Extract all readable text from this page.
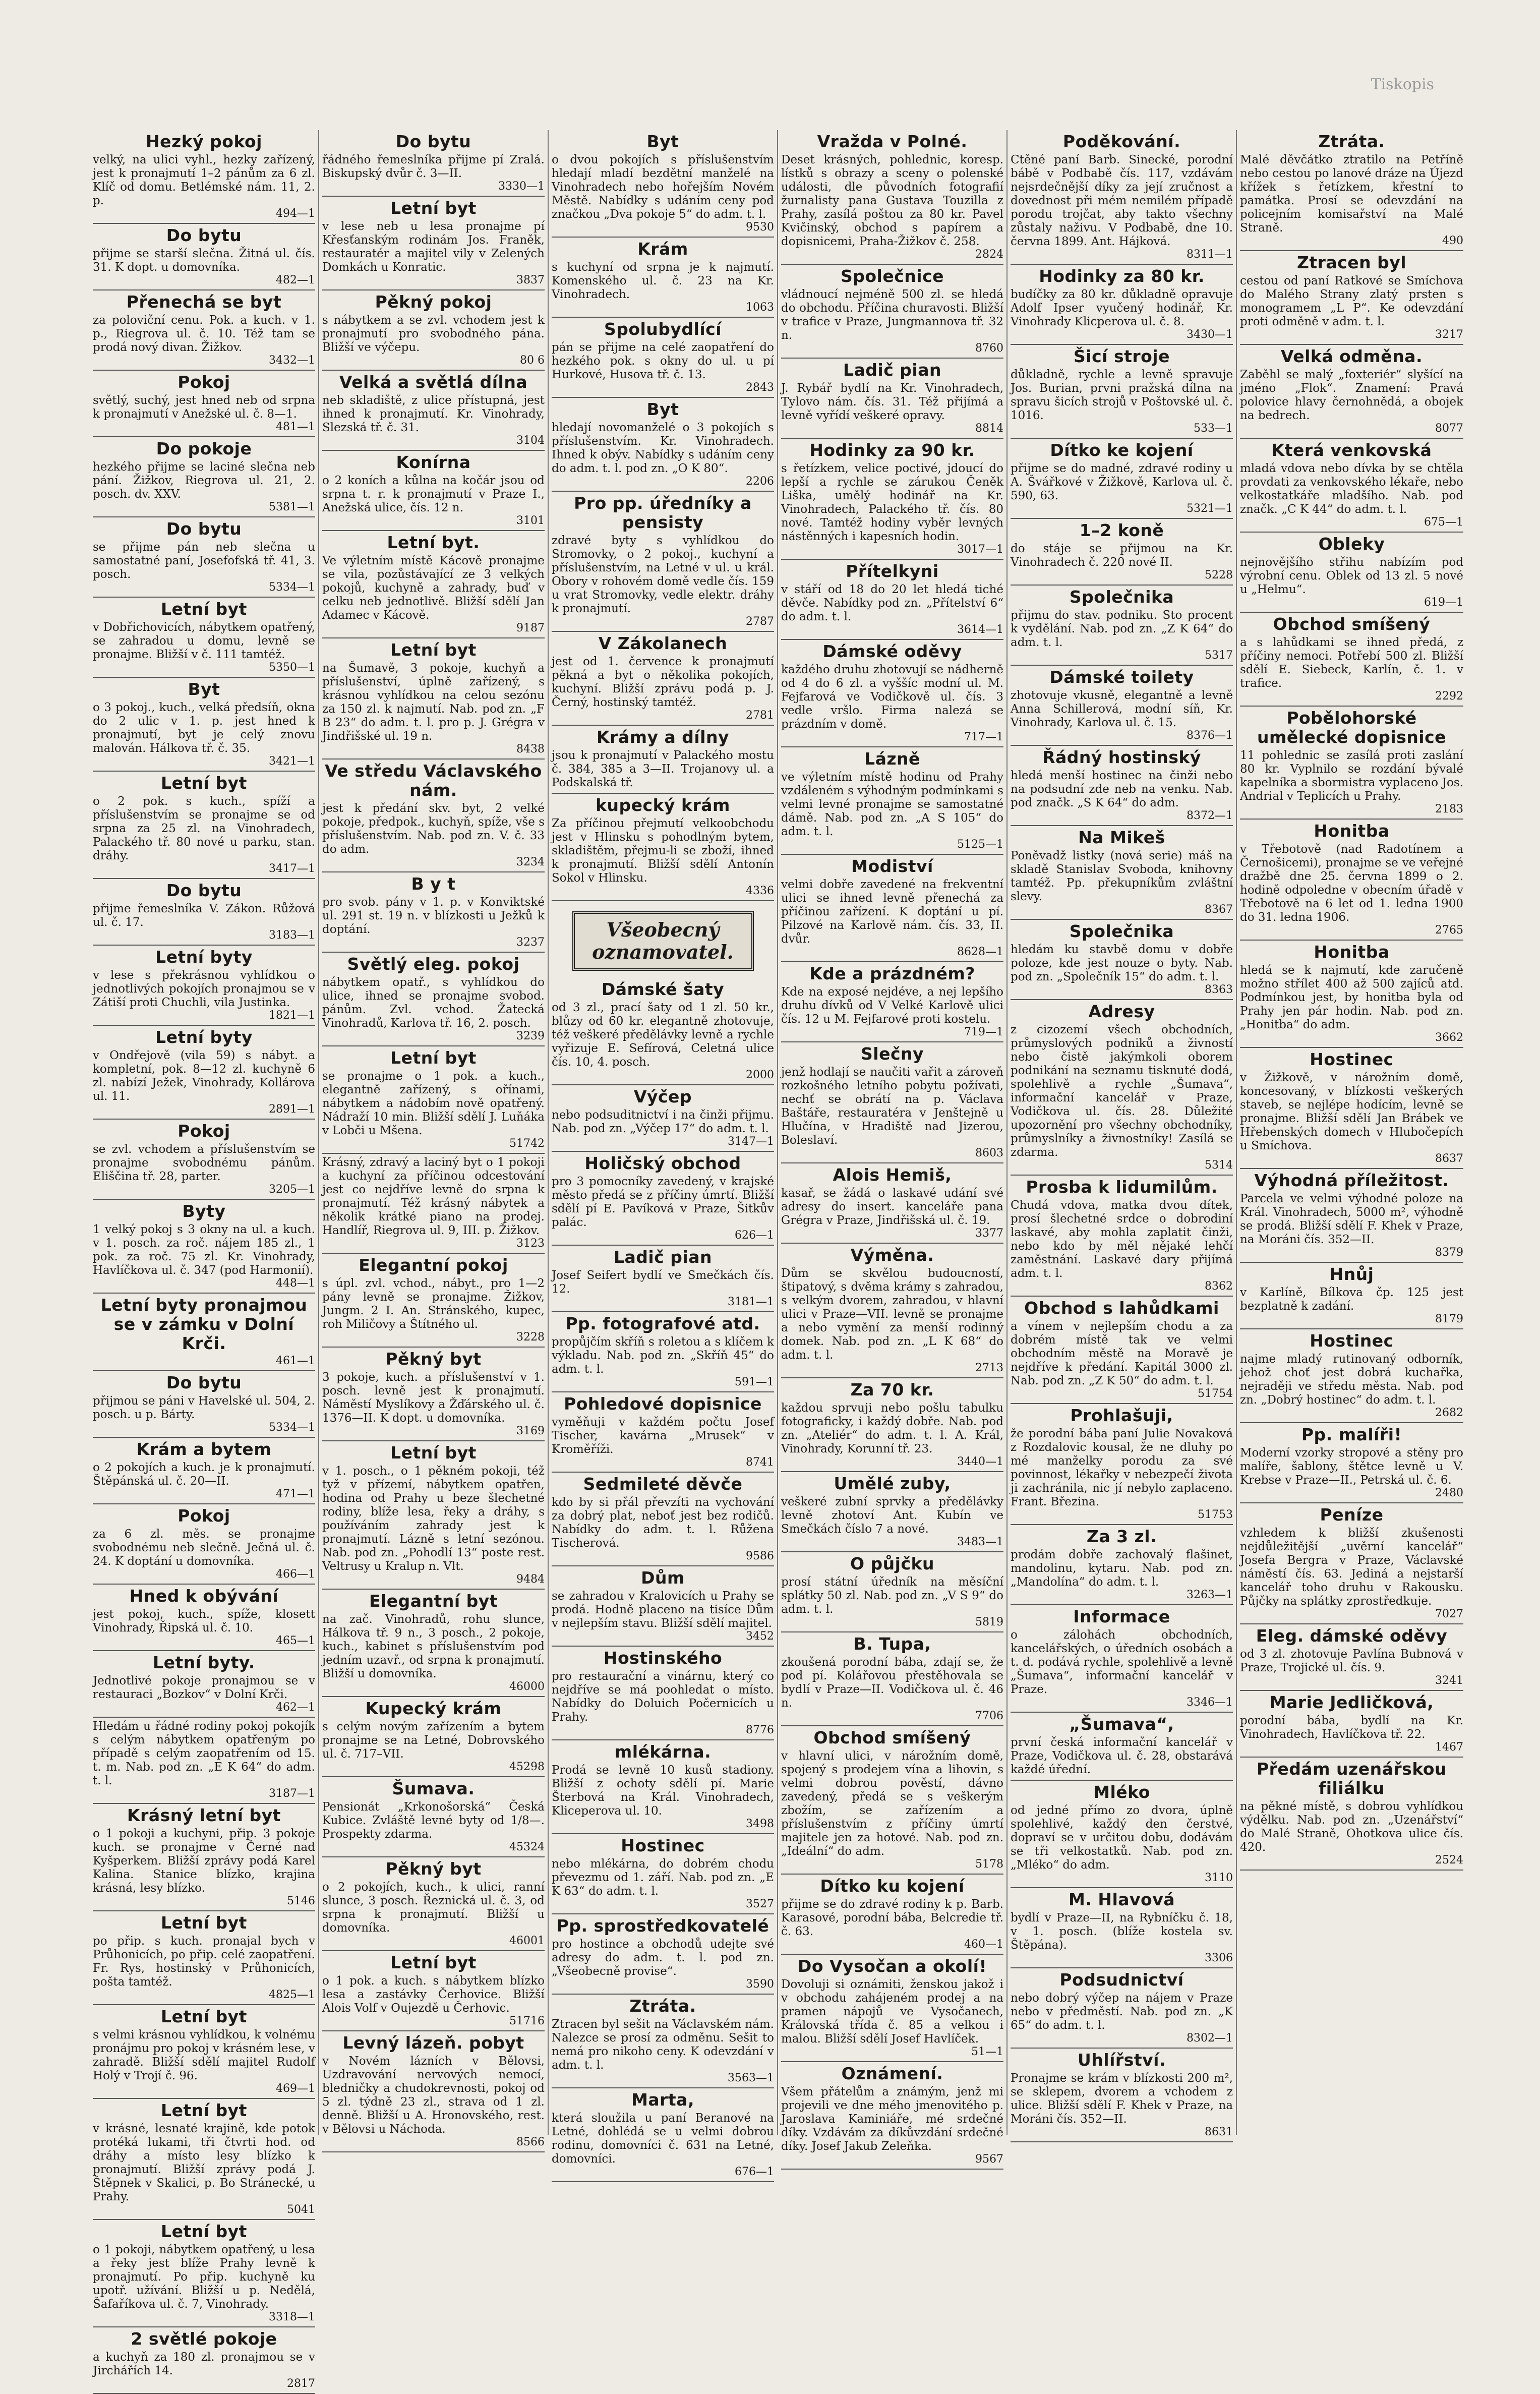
Tiskopis
Hezký pokoj

velký, na ulici vyhl., hezky zařízený, jest k pronajmutí 1–2 pánům za 6 zl. Klíč od domu. Betlémské nám. 11, 2. p.

494—1
Do bytu

přijme se starší slečna. Žitná ul. čís. 31. K dopt. u domovníka.

482—1
Přenechá se byt

za poloviční cenu. Pok. a kuch. v 1. p., Riegrova ul. č. 10. Též tam se prodá nový divan. Žižkov.

3432—1
Pokoj

světlý, suchý, jest hned neb od srpna k pronajmutí v Anežské ul. č. 8—1.

481—1
Do pokoje

hezkého přijme se laciné slečna neb pání. Žižkov, Riegrova ul. 21, 2. posch. dv. XXV.

5381—1
Do bytu

se přijme pán neb slečna u samostatné paní, Josefofská tř. 41, 3. posch.

5334—1
Letní byt

v Dobřichovicích, nábytkem opatřený, se zahradou u domu, levně se pronajme. Bližší v č. 111 tamtéž.

5350—1
Byt

o 3 pokoj., kuch., velká předsíň, okna do 2 ulic v 1. p. jest hned k pronajmutí, byt je celý znovu malován. Hálkova tř. č. 35.

3421—1
Letní byt

o 2 pok. s kuch., spíží a příslušenstvím se pronajme se od srpna za 25 zl. na Vinohradech, Palackého tř. 80 nové u parku, stan. dráhy.

3417—1
Do bytu

přijme řemeslníka V. Zákon. Růžová ul. č. 17.

3183—1
Letní byty

v lese s překrásnou vyhlídkou o jednotlivých pokojích pronajmou se v Zátiší proti Chuchli, vila Justinka.

1821—1
Letní byty

v Ondřejově (vila 59) s nábyt. a kompletní, pok. 8—12 zl. kuchyně 6 zl. nabízí Ježek, Vinohrady, Kollárova ul. 11.

2891—1
Pokoj

se zvl. vchodem a příslušenstvím se pronajme svobodnému pánům. Eliščina tř. 28, parter.

3205—1
Byty

1 velký pokoj s 3 okny na ul. a kuch. v 1. posch. za roč. nájem 185 zl., 1 pok. za roč. 75 zl. Kr. Vinohrady, Havlíčkova ul. č. 347 (pod Harmonií).

448—1
Letní byty pronajmou se v zámku v Dolní Krči.
461—1
Do bytu

přijmou se páni v Havelské ul. 504, 2. posch. u p. Bárty.

5334—1
Krám a bytem

o 2 pokojích a kuch. je k pronajmutí. Štěpánská ul. č. 20—II.

471—1
Pokoj

za 6 zl. měs. se pronajme svobodnému neb slečně. Ječná ul. č. 24. K doptání u domovníka.

466—1
Hned k obývání

jest pokoj, kuch., spíže, klosett Vinohrady, Řipská ul. č. 10.

465—1
Letní byty.

Jednotlivé pokoje pronajmou se v restauraci „Bozkov“ v Dolní Krči.

462—1

Hledám u řádné rodiny pokoj pokojík s celým nábytkem opatřeným po případě s celým zaopatřením od 15. t. m. Nab. pod zn. „E K 64“ do adm. t. l.

3187—1
Krásný letní byt

o 1 pokoji a kuchyni, přip. 3 pokoje kuch. se pronajme v Černé nad Kyšperkem. Bližší zprávy podá Karel Kalina. Stanice blízko, krajina krásná, lesy blízko.

5146
Letní byt

po přip. s kuch. pronajal bych v Průhonicích, po přip. celé zaopatření. Fr. Rys, hostinský v Průhonicích, pošta tamtéž.

4825—1
Letní byt

s velmi krásnou vyhlídkou, k volnému pronájmu pro pokoj v krásném lese, v zahradě. Bližší sdělí majitel Rudolf Holý v Trojí č. 96.

469—1
Letní byt

v krásné, lesnaté krajině, kde potok protéká lukami, tři čtvrti hod. od dráhy a místo lesy blízko k pronajmutí. Bližší zprávy podá J. Štěpnek v Skalici, p. Bo Stránecké, u Prahy.

5041
Letní byt

o 1 pokoji, nábytkem opatřený, u lesa a řeky jest blíže Prahy levně k pronajmutí. Po přip. kuchyně ku upotř. užívání. Bližší u p. Nedělá, Šafaříkova ul. č. 7, Vinohrady.

3318—1
2 světlé pokoje

a kuchyň za 180 zl. pronajmou se v Jirchářích 14.

2817
Do bytu

řádného řemeslníka přijme pí Zralá. Biskupský dvůr č. 3—II.

3330—1
Letní byt

v lese neb u lesa pronajme pí Křesťanským rodinám Jos. Franěk, restauratér a majitel vily v Zelených Domkách u Konratic.

3837
Pěkný pokoj

s nábytkem a se zvl. vchodem jest k pronajmutí pro svobodného pána. Bližší ve výčepu.

80 6
Velká a světlá dílna

neb skladiště, z ulice přístupná, jest ihned k pronajmutí. Kr. Vinohrady, Slezská tř. č. 31.

3104
Konírna

o 2 koních a kůlna na kočár jsou od srpna t. r. k pronajmutí v Praze I., Anežská ulice, čís. 12 n.

3101
Letní byt.

Ve výletním místě Kácově pronajme se vila, pozůstávající ze 3 velkých pokojů, kuchyně a zahrady, buď v celku neb jednotlivě. Bližší sdělí Jan Adamec v Kácově.

9187
Letní byt

na Šumavě, 3 pokoje, kuchyň a příslušenství, úplně zařízený, s krásnou vyhlídkou na celou sezónu za 150 zl. k najmutí. Nab. pod zn. „F B 23“ do adm. t. l. pro p. J. Grégra v Jindřišské ul. 19 n.

8438
Ve středu Václavského nám.

jest k předání skv. byt, 2 velké pokoje, předpok., kuchyň, spíže, vše s příslušenstvím. Nab. pod zn. V. č. 33 do adm.

3234
B y t

pro svob. pány v 1. p. v Konviktské ul. 291 st. 19 n. v blízkosti u Ježků k doptání.

3237
Světlý eleg. pokoj

nábytkem opatř., s vyhlídkou do ulice, ihned se pronajme svobod. pánům. Zvl. vchod. Žatecká Vinohradů, Karlova tř. 16, 2. posch.

3239
Letní byt

se pronajme o 1 pok. a kuch., elegantně zařízený, s ořínami, nábytkem a nádobím nově opatřený. Nádraží 10 min. Bližší sdělí J. Luňáka v Lobči u Mšena.

51742

Krásný, zdravý a laciný byt o 1 pokoji a kuchyní za příčinou odcestování jest co nejdříve levně do srpna k pronajmutí. Též krásný nábytek a několik krátké piano na prodej. Handlíř, Riegrova ul. 9, III. p. Žižkov.

3123
Elegantní pokoj

s úpl. zvl. vchod., nábyt., pro 1—2 pány levně se pronajme. Žižkov, Jungm. 2 I. An. Stránského, kupec, roh Miličovy a Štítného ul.

3228
Pěkný byt

3 pokoje, kuch. a příslušenství v 1. posch. levně jest k pronajmutí. Náměstí Myslíkovy a Žďárského ul. č. 1376—II. K dopt. u domovníka.

3169
Letní byt

v 1. posch., o 1 pěkném pokoji, též tyž v přízemí, nábytkem opatřen, hodina od Prahy u beze šlechetné rodiny, blíže lesa, řeky a dráhy, s používáním zahrady jest k pronajmutí. Lázně s letní sezónou. Nab. pod zn. „Pohodlí 13“ poste rest. Veltrusy u Kralup n. Vlt.

9484
Elegantní byt

na zač. Vinohradů, rohu slunce, Hálkova tř. 9 n., 3 posch., 2 pokoje, kuch., kabinet s příslušenstvím pod jedním uzavř., od srpna k pronajmutí. Bližší u domovníka.

46000
Kupecký krám

s celým novým zařízením a bytem pronajme se na Letné, Dobrovského ul. č. 717–VII.

45298
Šumava.

Pensionát „Krkonošorská“ Česká Kubice. Zvláště levné byty od 1/8—. Prospekty zdarma.

45324
Pěkný byt

o 2 pokojích, kuch., k ulici, ranní slunce, 3 posch. Řeznická ul. č. 3, od srpna k pronajmutí. Bližší u domovníka.

46001
Letní byt

o 1 pok. a kuch. s nábytkem blízko lesa a zastávky Čerhovice. Bližší Alois Volf v Oujezdě u Čerhovic.

51716
Levný lázeň. pobyt

v Novém lázních v Bělovsi, Uzdravování nervových nemocí, bledničky a chudokrevnosti, pokoj od 5 zl. týdně 23 zl., strava od 1 zl. denně. Bližší u A. Hronovského, rest. v Bělovsi u Náchoda.

8566
Byt

o dvou pokojích s příslušenstvím hledají mladí bezdětní manželé na Vinohradech nebo hořejším Novém Městě. Nabídky s udáním ceny pod značkou „Dva pokoje 5“ do adm. t. l.

9530
Krám

s kuchyní od srpna je k najmutí. Komenského ul. č. 23 na Kr. Vinohradech.

1063
Spolubydlící

pán se přijme na celé zaopatření do hezkého pok. s okny do ul. u pí Hurkové, Husova tř. č. 13.

2843
Byt

hledají novomanželé o 3 pokojích s příslušenstvím. Kr. Vinohradech. Ihned k obýv. Nabídky s udáním ceny do adm. t. l. pod zn. „O K 80“.

2206
Pro pp. úředníky a pensisty

zdravé byty s vyhlídkou do Stromovky, o 2 pokoj., kuchyní a příslušenstvím, na Letné v ul. u král. Obory v rohovém domě vedle čís. 159 u vrat Stromovky, vedle elektr. dráhy k pronajmutí.

2787
V Zákolanech

jest od 1. července k pronajmutí pěkná a byt o několika pokojích, kuchyní. Bližší zprávu podá p. J. Černý, hostinský tamtéž.

2781
Krámy a dílny

jsou k pronajmutí v Palackého mostu č. 384, 385 a 3—II. Trojanovy ul. a Podskalská tř.

kupecký krám

Za příčinou přejmutí velkoobchodu jest v Hlinsku s pohodlným bytem, skladištěm, přejmu-li se zboží, ihned k pronajmutí. Bližší sdělí Antonín Sokol v Hlinsku.

4336
Všeobecný
oznamovatel.
Dámské šaty

od 3 zl., prací šaty od 1 zl. 50 kr., blůzy od 60 kr. elegantně zhotovuje, též veškeré předělávky levně a rychle vyřizuje E. Sefírová, Celetná ulice čís. 10, 4. posch.

2000
Výčep

nebo podsuditnictví i na činži přijmu. Nab. pod zn. „Výčep 17“ do adm. t. l.

3147—1
Holičský obchod

pro 3 pomocníky zavedený, v krajské město předá se z příčiny úmrtí. Bližší sdělí pí E. Pavíková v Praze, Šitkův palác.

626—1
Ladič pian

Josef Seifert bydlí ve Smečkách čís. 12.

3181—1
Pp. fotografové atd.

propůjčím skříň s roletou a s klíčem k výkladu. Nab. pod zn. „Skříň 45“ do adm. t. l.

591—1
Pohledové dopisnice

vyměňuji v každém počtu Josef Tischer, kavárna „Mrusek“ v Kroměříži.

8741
Sedmileté děvče

kdo by si přál převzíti na vychování za dobrý plat, neboť jest bez rodičů. Nabídky do adm. t. l. Růžena Tischerová.

9586
Dům

se zahradou v Kralovicích u Prahy se prodá. Hodně placeno na tisíce Dům v nejlepším stavu. Bližší sdělí majitel.

3452
Hostinského

pro restaurační a vinárnu, který co nejdříve se má poohledat o místo. Nabídky do Doluich Počernicích u Prahy.

8776
mlékárna.

Prodá se levně 10 kusů stadiony. Bližší z ochoty sdělí pí. Marie Šterbová na Král. Vinohradech, Kliceperova ul. 10.

3498
Hostinec

nebo mlékárna, do dobrém chodu převezmu od 1. září. Nab. pod zn. „E K 63“ do adm. t. l.

3527
Pp. sprostředkovatelé

pro hostince a obchodů udejte své adresy do adm. t. l. pod zn. „Všeobecně provise“.

3590
Ztráta.

Ztracen byl sešit na Václavském nám. Nalezce se prosí za odměnu. Sešit to nemá pro nikoho ceny. K odevzdání v adm. t. l.

3563—1
Marta,

která sloužila u paní Beranové na Letné, dohlédá se u velmi dobrou rodinu, domovníci č. 631 na Letné, domovníci.

676—1
Vražda v Polné.

Deset krásných, pohlednic, koresp. lístků s obrazy a sceny o polenské události, dle původních fotografií žurnalisty pana Gustava Touzilla z Prahy, zasílá poštou za 80 kr. Pavel Kvičinský, obchod s papírem a dopisnicemi, Praha-Žižkov č. 258.

2824
Společnice

vládnoucí nejméně 500 zl. se hledá do obchodu. Příčina churavosti. Bližší v trafice v Praze, Jungmannova tř. 32 n.

8760
Ladič pian

J. Rybář bydlí na Kr. Vinohradech, Tylovo nám. čís. 31. Též přijímá a levně vyřídí veškeré opravy.

8814
Hodinky za 90 kr.

s řetízkem, velice poctivé, jdoucí do lepší a rychle se zárukou Čeněk Liška, umělý hodinář na Kr. Vinohradech, Palackého tř. čís. 80 nové. Tamtéž hodiny vyběr levných nástěnných i kapesních hodin.

3017—1
Přítelkyni

v stáří od 18 do 20 let hledá tiché děvče. Nabídky pod zn. „Přítelství 6“ do adm. t. l.

3614—1
Dámské oděvy

každého druhu zhotovují se nádherně od 4 do 6 zl. a vyššíc modní ul. M. Fejfarová ve Vodičkově ul. čís. 3 vedle vršlo. Firma nalezá se prázdním v domě.

717—1
Lázně

ve výletním místě hodinu od Prahy vzdáleném s výhodným podmínkami s velmi levné pronajme se samostatné dámě. Nab. pod zn. „A S 105“ do adm. t. l.

5125—1
Modiství

velmi dobře zavedené na frekventní ulici se ihned levně přenechá za příčinou zařízení. K doptání u pí. Pilzové na Karlově nám. čís. 33, II. dvůr.

8628—1
Kde a prázdném?

Kde na exposé nejdéve, a nej lepšího druhu dívků od V Velké Karlově ulici čís. 12 u M. Fejfarové proti kostelu.

719—1
Slečny

jenž hodlají se naučiti vařit a zároveň rozkošného letního pobytu požívati, nechť se obrátí na p. Václava Baštáře, restauratéra v Jenštejně u Hlučína, v Hradiště nad Jizerou, Boleslaví.

8603
Alois Hemiš,

kasař, se žádá o laskavé udání své adresy do insert. kanceláře pana Grégra v Praze, Jindřišská ul. č. 19.

3377
Výměna.

Dům se skvělou budoucností, štipatový, s dvěma krámy s zahradou, s velkým dvorem, zahradou, v hlavní ulici v Praze—VII. levně se pronajme a nebo vymění za menší rodinný domek. Nab. pod zn. „L K 68“ do adm. t. l.

2713
Za 70 kr.

každou sprvuji nebo pošlu tabulku fotograficky, i každý dobře. Nab. pod zn. „Ateliér“ do adm. t. l. A. Král, Vinohrady, Korunní tř. 23.

3440—1
Umělé zuby,

veškeré zubní sprvky a předělávky levně zhotoví Ant. Kubín ve Smečkách číslo 7 a nové.

3483—1
O půjčku

prosí státní úředník na měsíční splátky 50 zl. Nab. pod zn. „V S 9“ do adm. t. l.

5819
B. Tupa,

zkoušená porodní bába, zdají se, že pod pí. Kolářovou přestěhovala se bydlí v Praze—II. Vodičkova ul. č. 46 n.

7706
Obchod smíšený

v hlavní ulici, v nárožním domě, spojený s prodejem vína a lihovin, s velmi dobrou pověstí, dávno zavedený, předá se s veškerým zbožím, se zařízením a příslušenstvím z příčiny úmrtí majitele jen za hotové. Nab. pod zn. „Ideální“ do adm.

5178
Dítko ku kojení

přijme se do zdravé rodiny k p. Barb. Karasové, porodní bába, Belcredie tř. č. 63.

460—1
Do Vysočan a okolí!

Dovoluji si oznámiti, ženskou jakož i v obchodu zahájeném prodej a na pramen nápojů ve Vysočanech, Královská třída č. 85 a velkou i malou. Bližší sdělí Josef Havlíček.

51—1
Oznámení.

Všem přátelům a známým, jenž mi projevili ve dne mého jmenovitého p. Jaroslava Kaminiáře, mé srdečné díky. Vzdávám za díkůvzdání srdečné díky. Josef Jakub Zeleňka.

9567
Poděkování.

Ctěné paní Barb. Sinecké, porodní bábě v Podbabě čís. 117, vzdávám nejsrdečnější díky za její zručnost a dovednost při mém nemilém případě porodu trojčat, aby takto všechny zůstaly naživu. V Podbabě, dne 10. června 1899. Ant. Hájková.

8311—1
Hodinky za 80 kr.

budíčky za 80 kr. důkladně opravuje Adolf Ipser vyučený hodinář, Kr. Vinohrady Klicperova ul. č. 8.

3430—1
Šicí stroje

důkladně, rychle a levně spravuje Jos. Burian, prvni pražská dílna na spravu šicích strojů v Poštovské ul. č. 1016.

533—1
Dítko ke kojení

přijme se do madné, zdravé rodiny u A. Švářkové v Žižkově, Karlova ul. č. 590, 63.

5321—1
1–2 koně

do stáje se přijmou na Kr. Vinohradech č. 220 nové II.

5228
Společnika

přijmu do stav. podniku. Sto procent k vydělání. Nab. pod zn. „Z K 64“ do adm. t. l.

5317
Dámské toilety

zhotovuje vkusně, elegantně a levně Anna Schillerová, modní síň, Kr. Vinohrady, Karlova ul. č. 15.

8376—1
Řádný hostinský

hledá menší hostinec na činži nebo na podsudní zde neb na venku. Nab. pod značk. „S K 64“ do adm.

8372—1
Na Mikeš

Poněvadž listky (nová serie) máš na skladě Stanislav Svoboda, knihovny tamtéž. Pp. překupníkům zvláštní slevy.

8367
Společnika

hledám ku stavbě domu v dobře poloze, kde jest nouze o byty. Nab. pod zn. „Společník 15“ do adm. t. l.

8363
Adresy

z cizozemí všech obchodních, průmyslových podniků a živností nebo čistě jakýmkoli oborem podnikání na seznamu tisknuté dodá, spolehlivě a rychle „Šumava“, informační kancelář v Praze, Vodičkova ul. čís. 28. Důležité upozornění pro všechny obchodníky, průmyslníky a živnostníky! Zasílá se zdarma.

5314
Prosba k lidumilům.

Chudá vdova, matka dvou dítek, prosí šlechetné srdce o dobrodiní laskavé, aby mohla zaplatit činži, nebo kdo by měl nějaké lehčí zaměstnání. Laskavé dary přijímá adm. t. l.

8362
Obchod s lahůdkami

a vínem v nejlepším chodu a za dobrém místě tak ve velmi obchodním městě na Moravě je nejdříve k předání. Kapitál 3000 zl. Nab. pod zn. „Z K 50“ do adm. t. l.

51754
Prohlašuji,

že porodní bába paní Julie Novaková z Rozdalovic kousal, že ne dluhy po mé manželky porodu za své povinnost, lékařky v nebezpečí života ji zachránila, nic jí nebylo zaplaceno. Frant. Březina.

51753
Za 3 zl.

prodám dobře zachovalý flašinet, mandolinu, kytaru. Nab. pod zn. „Mandolína“ do adm. t. l.

3263—1
Informace

o zálohách obchodních, kancelářských, o úředních osobách a t. d. podává rychle, spolehlivě a levně „Šumava“, informační kancelář v Praze.

3346—1
„Šumava“,

první česká informační kancelář v Praze, Vodičkova ul. č. 28, obstarává každé úřední.

Mléko

od jedné přímo zo dvora, úplně spolehlivé, každý den čerstvé, dopraví se v určitou dobu, dodávám se tři velkostatků. Nab. pod zn. „Mléko“ do adm.

3110
M. Hlavová

bydlí v Praze—II, na Rybníčku č. 18, v 1. posch. (blíže kostela sv. Štěpána).

3306
Podsudnictví

nebo dobrý výčep na nájem v Praze nebo v předměstí. Nab. pod zn. „K 65“ do adm. t. l.

8302—1
Uhlířství.

Pronajme se krám v blízkosti 200 m², se sklepem, dvorem a vchodem z ulice. Bližší sdělí F. Khek v Praze, na Moráni čís. 352—II.

8631
Ztráta.

Malé děvčátko ztratilo na Petříně nebo cestou po lanové dráze na Újezd křížek s řetízkem, křestní to památka. Prosí se odevzdání na policejním komisařství na Malé Straně.

490
Ztracen byl

cestou od paní Ratkové se Smíchova do Malého Strany zlatý prsten s monogramem „L P“. Ke odevzdání proti odměně v adm. t. l.

3217
Velká odměna.

Zaběhl se malý „foxteriér“ slyšící na jméno „Flok“. Znamení: Pravá polovice hlavy černohnědá, a obojek na bedrech.

8077
Která venkovská

mladá vdova nebo dívka by se chtěla provdati za venkovského lékaře, nebo velkostatkáře mladšího. Nab. pod značk. „C K 44“ do adm. t. l.

675—1
Obleky

nejnovějšího střihu nabízím pod výrobní cenu. Oblek od 13 zl. 5 nové u „Helmu“.

619—1
Obchod smíšený

a s lahůdkami se ihned předá, z příčiny nemoci. Potřebí 500 zl. Bližší sdělí E. Siebeck, Karlín, č. 1. v trafice.

2292
Pobělohorské umělecké dopisnice

11 pohlednic se zasílá proti zaslání 80 kr. Vyplnilo se rozdání bývalé kapelníka a sbormistra vyplaceno Jos. Andrial v Teplicích u Prahy.

2183
Honitba

v Třebotově (nad Radotínem a Černošicemi), pronajme se ve veřejné dražbě dne 25. června 1899 o 2. hodině odpoledne v obecním úřadě v Třebotově na 6 let od 1. ledna 1900 do 31. ledna 1906.

2765
Honitba

hledá se k najmutí, kde zaručeně možno střílet 400 až 500 zajíců atd. Podmínkou jest, by honitba byla od Prahy jen pár hodin. Nab. pod zn. „Honitba“ do adm.

3662
Hostinec

v Žižkově, v nárožním domě, koncesovaný, v blízkosti veškerých staveb, se nejlépe hodícím, levně se pronajme. Bližší sdělí Jan Brábek ve Hřebenských domech v Hlubočepích u Smíchova.

8637
Výhodná příležitost.

Parcela ve velmi výhodné poloze na Král. Vinohradech, 5000 m², výhodně se prodá. Bližší sdělí F. Khek v Praze, na Moráni čís. 352—II.

8379
Hnůj

v Karlíně, Bílkova čp. 125 jest bezplatně k zadání.

8179
Hostinec

najme mladý rutinovaný odborník, jehož choť jest dobrá kuchařka, nejraději ve středu města. Nab. pod zn. „Dobrý hostinec“ do adm. t. l.

2682
Pp. malíři!

Moderní vzorky stropové a stěny pro malíře, šablony, štětce levně u V. Krebse v Praze—II., Petrská ul. č. 6.

2480
Peníze

vzhledem k bližší zkušenosti nejdůležitější „uvěrní kancelář“ Josefa Bergra v Praze, Václavské náměstí čís. 63. Jediná a nejstarší kancelář toho druhu v Rakousku. Půjčky na splátky zprostředkuje.

7027
Eleg. dámské oděvy

od 3 zl. zhotovuje Pavlína Bubnová v Praze, Trojické ul. čís. 9.

3241
Marie Jedličková,

porodní bába, bydlí na Kr. Vinohradech, Havlíčkova tř. 22.

1467
Předám uzenářskou filiálku

na pěkné místě, s dobrou vyhlídkou výdělku. Nab. pod zn. „Uzenářství“ do Malé Straně, Ohotkova ulice čís. 420.

2524
